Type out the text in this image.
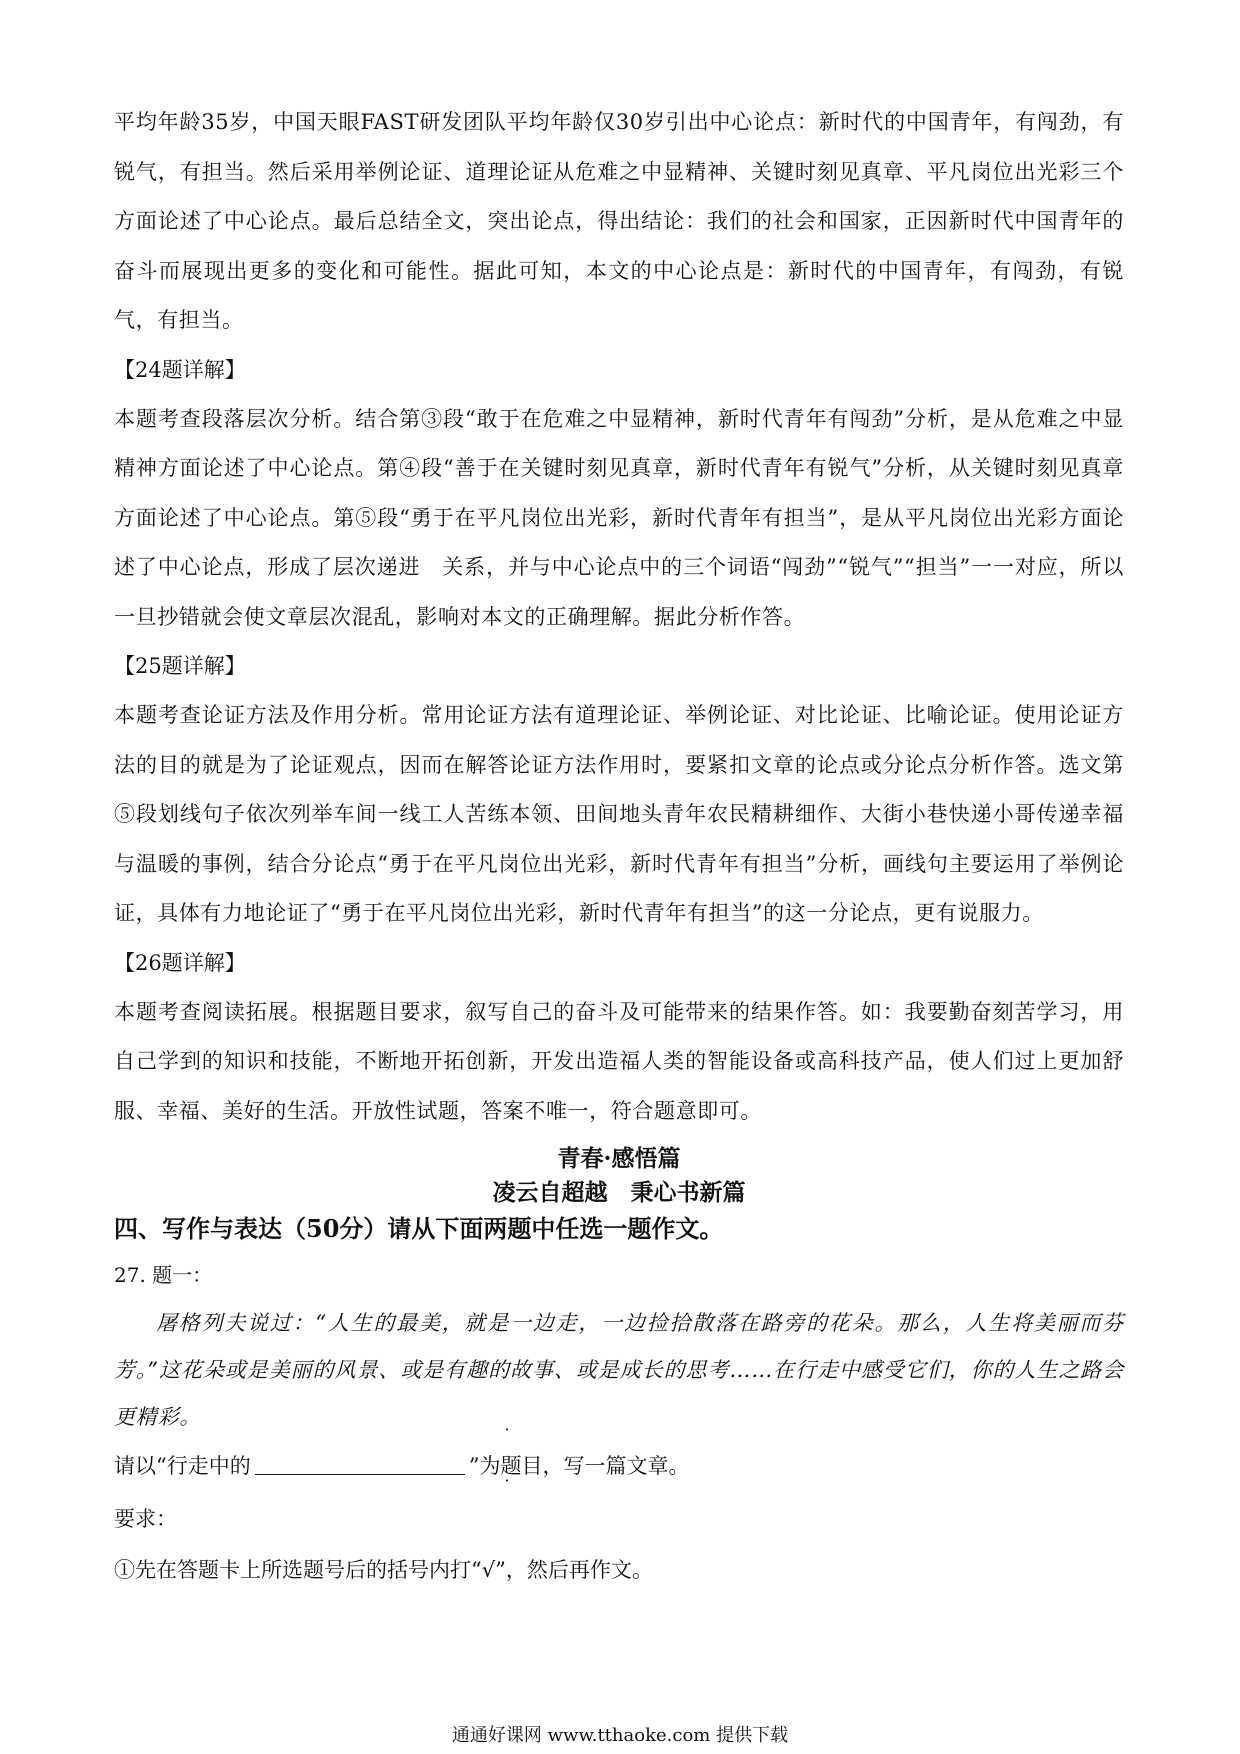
平均年龄35岁，中国天眼FAST研发团队平均年龄仅30岁引出中心论点：新时代的中国青年，有闯劲，有锐气，有担当。然后采用举例论证、道理论证从危难之中显精神、关键时刻见真章、平凡岗位出光彩三个方面论述了中心论点。最后总结全文，突出论点，得出结论：我们的社会和国家，正因新时代中国青年的奋斗而展现出更多的变化和可能性。据此可知，本文的中心论点是：新时代的中国青年，有闯劲，有锐气，有担当。
【24题详解】
本题考查段落层次分析。结合第③段“敢于在危难之中显精神，新时代青年有闯劲”分析，是从危难之中显精神方面论述了中心论点。第④段“善于在关键时刻见真章，新时代青年有锐气”分析，从关键时刻见真章方面论述了中心论点。第⑤段“勇于在平凡岗位出光彩，新时代青年有担当”，是从平凡岗位出光彩方面论述了中心论点，形成了层次递进　关系，并与中心论点中的三个词语“闯劲”“锐气”“担当”一一对应，所以一旦抄错就会使文章层次混乱，影响对本文的正确理解。据此分析作答。
【25题详解】
本题考查论证方法及作用分析。常用论证方法有道理论证、举例论证、对比论证、比喻论证。使用论证方法的目的就是为了论证观点，因而在解答论证方法作用时，要紧扣文章的论点或分论点分析作答。选文第⑤段划线句子依次列举车间一线工人苦练本领、田间地头青年农民精耕细作、大街小巷快递小哥传递幸福与温暖的事例，结合分论点“勇于在平凡岗位出光彩，新时代青年有担当”分析，画线句主要运用了举例论证，具体有力地论证了“勇于在平凡岗位出光彩，新时代青年有担当”的这一分论点，更有说服力。
【26题详解】
本题考查阅读拓展。根据题目要求，叙写自己的奋斗及可能带来的结果作答。如：我要勤奋刻苦学习，用自己学到的知识和技能，不断地开拓创新，开发出造福人类的智能设备或高科技产品，使人们过上更加舒服、幸福、美好的生活。开放性试题，答案不唯一，符合题意即可。
青春·感悟篇
凌云自超越　秉心书新篇
四、写作与表达（50分）请从下面两题中任选一题作文。
27. 题一：
屠格列夫说过：“人生的最美，就是一边走，一边捡拾散落在路旁的花朵。那么，人生将美丽而芬芳。”这花朵或是美丽的风景、或是有趣的故事、或是成长的思考……在行走中感受它们，你的人生之路会更精彩。
请以“行走中的	”为题目 · ·，写一篇文章。
要求：
①先在答题卡上所选题号后的括号内打“√”，然后再作文。
通通好课网 www.tthaoke.com 提供下载
